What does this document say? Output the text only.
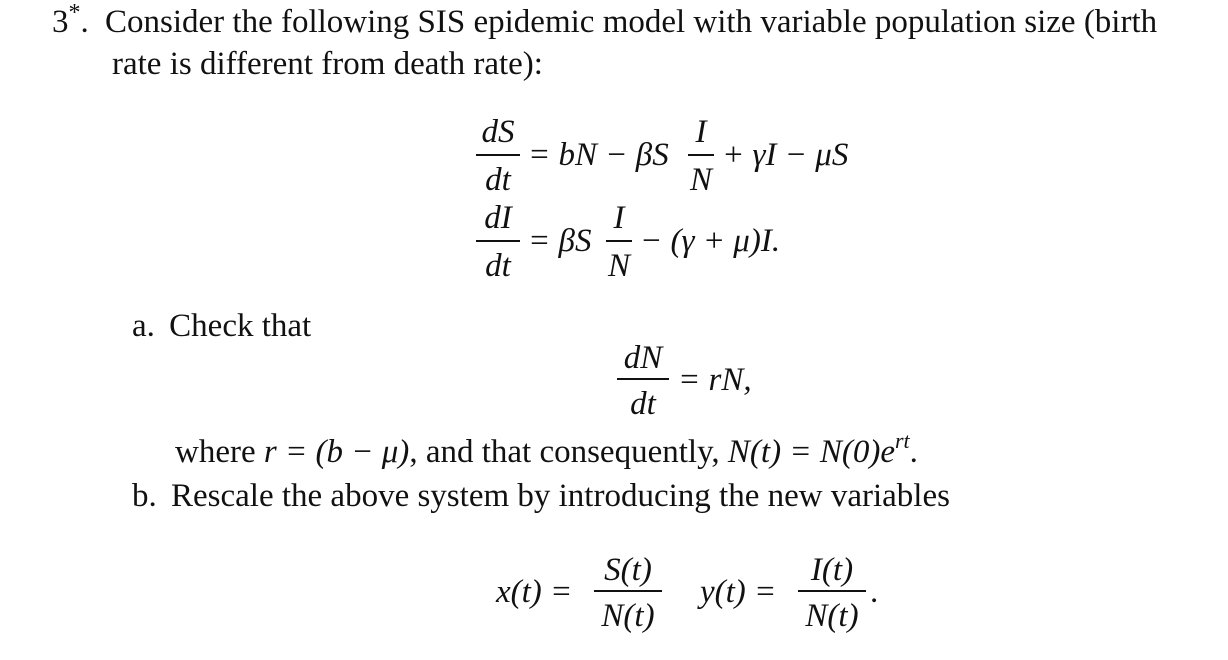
3*. Consider the following SIS epidemic model with variable population size (birth
rate is different from death rate):
dS
dt
= bN − βS
I
N
+ γI − μS
dI
dt
= βS
I
N
− (γ + μ)I.
a. Check that
dN
dt
= rN,
where r = (b − μ), and that consequently, $N(t) = N(0)e^{rt}$.
b. Rescale the above system by introducing the new variables
x(t) =
S(t)
N(t)
y(t) =
I(t)
N(t)
.
